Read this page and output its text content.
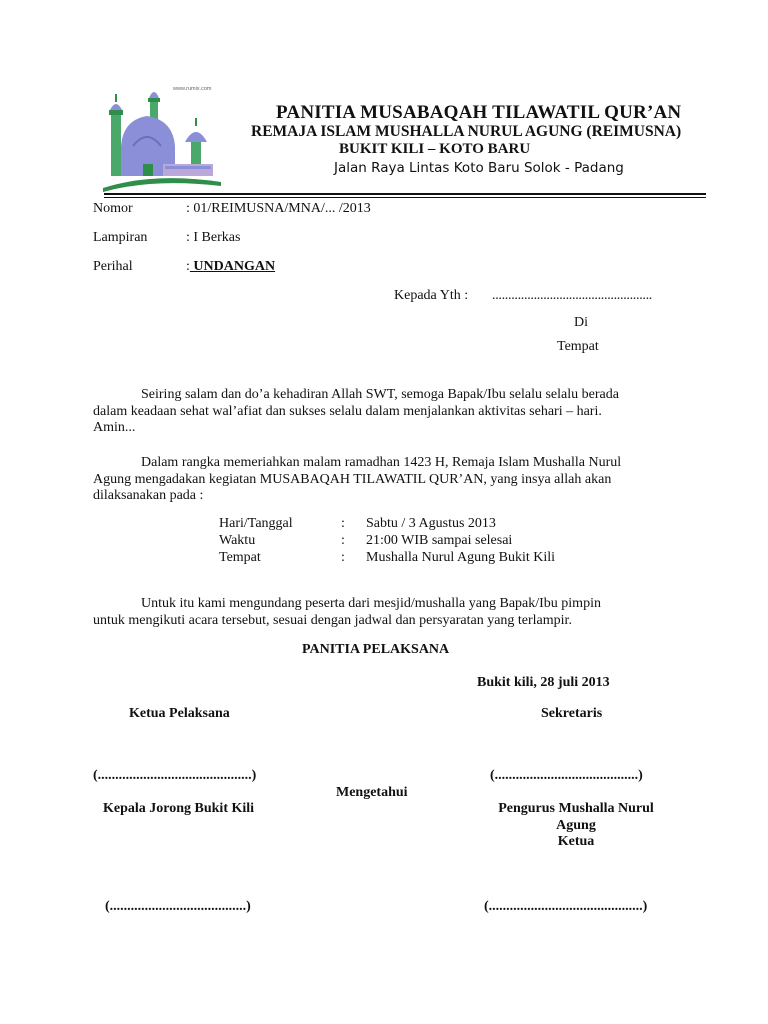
www.rumix.com
PANITIA MUSABAQAH TILAWATIL QUR’AN
REMAJA ISLAM MUSHALLA NURUL AGUNG (REIMUSNA)
BUKIT KILI – KOTO BARU
Jalan Raya Lintas Koto Baru Solok - Padang
Nomor	: 01/REIMUSNA/MNA/... /2013
Lampiran	: I Berkas
Perihal	: UNDANGAN
Kepada Yth : ..................................................
Di
Tempat
Seiring salam dan do’a kehadiran Allah SWT, semoga Bapak/Ibu selalu selalu berada
dalam keadaan sehat wal’afiat dan sukses selalu dalam menjalankan aktivitas sehari – hari.
Amin...
Dalam rangka memeriahkan malam ramadhan 1423 H, Remaja Islam Mushalla Nurul
Agung mengadakan kegiatan MUSABAQAH TILAWATIL QUR’AN, yang insya allah akan
dilaksanakan pada :
Hari/Tanggal	: Sabtu / 3 Agustus 2013
Waktu	: 21:00 WIB sampai selesai
Tempat	: Mushalla Nurul Agung Bukit Kili
Untuk itu kami mengundang peserta dari mesjid/mushalla yang Bapak/Ibu pimpin
untuk mengikuti acara tersebut, sesuai dengan jadwal dan persyaratan yang terlampir.
PANITIA PELAKSANA
Bukit kili, 28 juli 2013
Ketua Pelaksana	Sekretaris
(............................................)	(.........................................)
Mengetahui
Kepala Jorong Bukit Kili	Pengurus Mushalla Nurul
Agung
Ketua
(.......................................)	(............................................)
